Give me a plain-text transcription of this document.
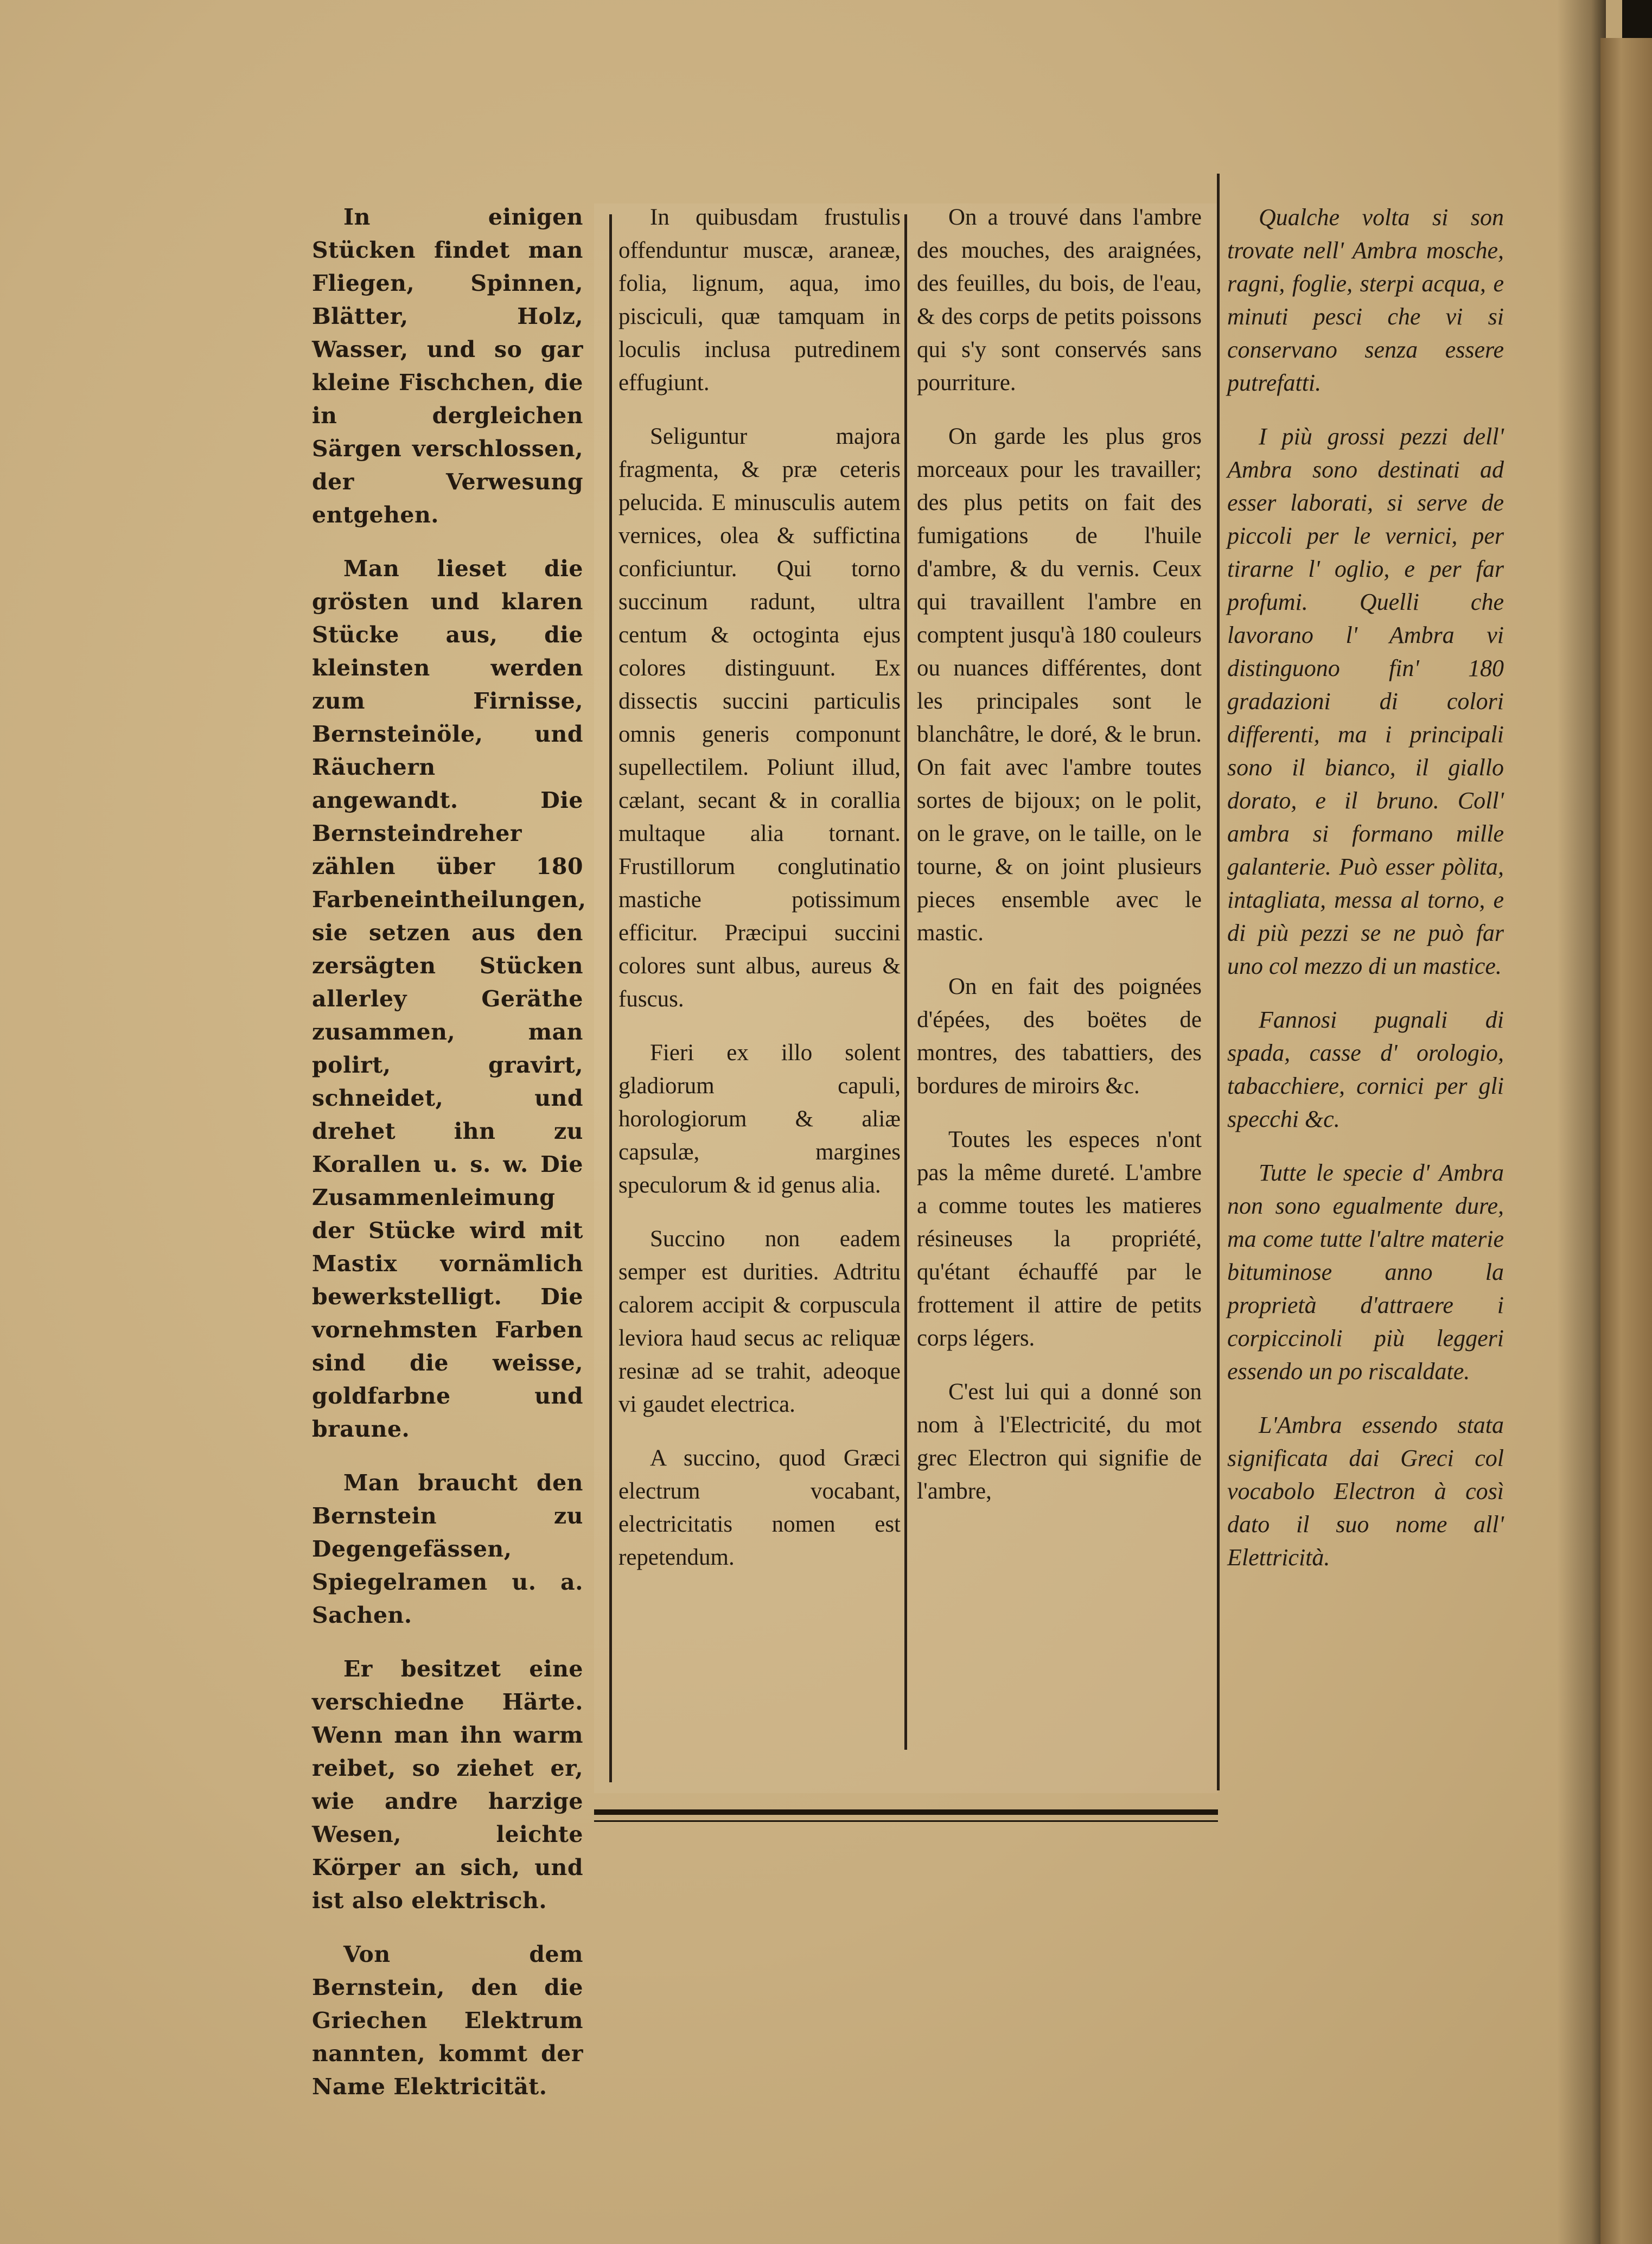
In einigen Stücken findet man Fliegen, Spinnen, Blätter, Holz, Wasser, und so gar kleine Fischchen, die in dergleichen Särgen verschlossen, der Verwesung entgehen.

Man lieset die grösten und klaren Stücke aus, die kleinsten werden zum Firnisse, Bernsteinöle, und Räuchern angewandt. Die Bernsteindreher zählen über 180 Farbeneintheilungen, sie setzen aus den zersägten Stücken allerley Geräthe zusammen, man polirt, gravirt, schneidet, und drehet ihn zu Korallen u. s. w. Die Zusammenleimung der Stücke wird mit Mastix vornämlich bewerkstelligt. Die vornehmsten Farben sind die weisse, goldfarbne und braune.

Man braucht den Bernstein zu Degengefässen, Spiegelramen u. a. Sachen.

Er besitzet eine verschiedne Härte. Wenn man ihn warm reibet, so ziehet er, wie andre harzige Wesen, leichte Körper an sich, und ist also elektrisch.

Von dem Bernstein, den die Griechen Elektrum nannten, kommt der Name Elektricität.

In quibusdam frustulis offenduntur muscæ, araneæ, folia, lignum, aqua, imo pisciculi, quæ tamquam in loculis inclusa putredinem effugiunt.

Seliguntur majora fragmenta, & præ ceteris pelucida. E minusculis autem vernices, olea & suffictina conficiuntur. Qui torno succinum radunt, ultra centum & octoginta ejus colores distinguunt. Ex dissectis succini particulis omnis generis componunt supellectilem. Poliunt illud, cælant, secant & in corallia multaque alia tornant. Frustillorum conglutinatio mastiche potissimum efficitur. Præcipui succini colores sunt albus, aureus & fuscus.

Fieri ex illo solent gladiorum capuli, horologiorum & aliæ capsulæ, margines speculorum & id genus alia.

Succino non eadem semper est durities. Adtritu calorem accipit & corpuscula leviora haud secus ac reliquæ resinæ ad se trahit, adeoque vi gaudet electrica.

A succino, quod Græci electrum vocabant, electricitatis nomen est repetendum.

On a trouvé dans l'ambre des mouches, des araignées, des feuilles, du bois, de l'eau, & des corps de petits poissons qui s'y sont conservés sans pourriture.

On garde les plus gros morceaux pour les travailler; des plus petits on fait des fumigations de l'huile d'ambre, & du vernis. Ceux qui travaillent l'ambre en comptent jusqu'à 180 couleurs ou nuances différentes, dont les principales sont le blanchâtre, le doré, & le brun. On fait avec l'ambre toutes sortes de bijoux; on le polit, on le grave, on le taille, on le tourne, & on joint plusieurs pieces ensemble avec le mastic.

On en fait des poignées d'épées, des boëtes de montres, des tabattiers, des bordures de miroirs &c.

Toutes les especes n'ont pas la même dureté. L'ambre a comme toutes les matieres résineuses la propriété, qu'étant échauffé par le frottement il attire de petits corps légers.

C'est lui qui a donné son nom à l'Electricité, du mot grec Electron qui signifie de l'ambre,

Qualche volta si son trovate nell' Ambra mosche, ragni, foglie, sterpi acqua, e minuti pesci che vi si conservano senza essere putrefatti.

I più grossi pezzi dell' Ambra sono destinati ad esser laborati, si serve de piccoli per le vernici, per tirarne l' oglio, e per far profumi. Quelli che lavorano l' Ambra vi distinguono fin' 180 gradazioni di colori differenti, ma i principali sono il bianco, il giallo dorato, e il bruno. Coll' ambra si formano mille galanterie. Può esser pòlita, intagliata, messa al torno, e di più pezzi se ne può far uno col mezzo di un mastice.

Fannosi pugnali di spada, casse d' orologio, tabacchiere, cornici per gli specchi &c.

Tutte le specie d' Ambra non sono egualmente dure, ma come tutte l'altre materie bituminose anno la proprietà d'attraere i corpiccinoli più leggeri essendo un po riscaldate.

L'Ambra essendo stata significata dai Greci col vocabolo Electron à così dato il suo nome all' Elettricità.
